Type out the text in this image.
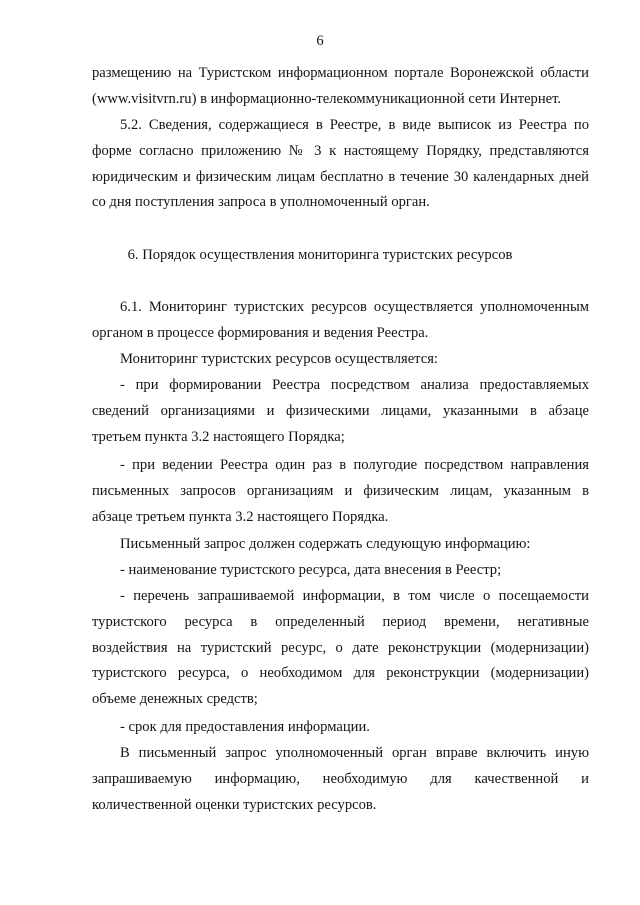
6

размещению на Туристском информационном портале Воронежской области

(www.visitvrn.ru) в информационно-телекоммуникационной сети Интернет.

5.2. Сведения, содержащиеся в Реестре, в виде выписок из Реестра по

форме согласно приложению № 3 к настоящему Порядку, представляются

юридическим и физическим лицам бесплатно в течение 30 календарных дней

со дня поступления запроса в уполномоченный орган.

6. Порядок осуществления мониторинга туристских ресурсов

6.1. Мониторинг туристских ресурсов осуществляется уполномоченным

органом в процессе формирования и ведения Реестра.

Мониторинг туристских ресурсов осуществляется:

- при формировании Реестра посредством анализа предоставляемых

сведений организациями и физическими лицами, указанными в абзаце

третьем пункта 3.2 настоящего Порядка;

- при ведении Реестра один раз в полугодие посредством направления

письменных запросов организациям и физическим лицам, указанным в

абзаце третьем пункта 3.2 настоящего Порядка.

Письменный запрос должен содержать следующую информацию:

- наименование туристского ресурса, дата внесения в Реестр;

- перечень запрашиваемой информации, в том числе о посещаемости

туристского ресурса в определенный период времени, негативные

воздействия на туристский ресурс, о дате реконструкции (модернизации)

туристского ресурса, о необходимом для реконструкции (модернизации)

объеме денежных средств;

- срок для предоставления информации.

В письменный запрос уполномоченный орган вправе включить иную

запрашиваемую информацию, необходимую для качественной и

количественной оценки туристских ресурсов.
